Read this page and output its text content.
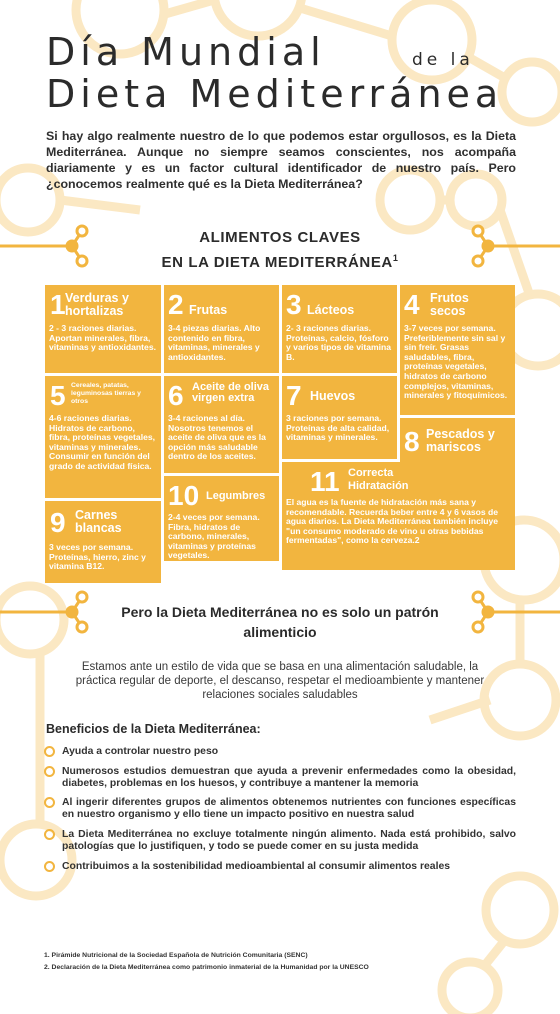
Día Mundial	de la
Dieta Mediterránea

Si hay algo realmente nuestro de lo que podemos estar orgullosos, es la Dieta Mediterránea. Aunque no siempre seamos conscientes, nos acompaña diariamente y es un factor cultural identificador de nuestro país. Pero ¿conocemos realmente qué es la Dieta Mediterránea?

ALIMENTOS CLAVES
EN LA DIETA MEDITERRÁNEA$^1$
1 Verduras y hortalizas
2 - 3 raciones diarias. Aportan minerales, fibra, vitaminas y antioxidantes.
2 Frutas
3-4 piezas diarias. Alto contenido en fibra, vitaminas, minerales y antioxidantes.
3 Lácteos
2- 3 raciones diarias. Proteínas, calcio, fósforo y varios tipos de vitamina B.
4 Frutos secos
3-7 veces por semana. Preferiblemente sin sal y sin freír. Grasas saludables, fibra, proteínas vegetales, hidratos de carbono complejos, vitaminas, minerales y fitoquímicos.
5 Cereales, patatas, leguminosas tierras y otros
4-6 raciones diarias. Hidratos de carbono, fibra, proteínas vegetales, vitaminas y minerales. Consumir en función del grado de actividad física.
6 Aceite de oliva virgen extra
3-4 raciones al día. Nosotros tenemos el aceite de oliva que es la opción más saludable dentro de los aceites.
7 Huevos
3 raciones por semana. Proteínas de alta calidad, vitaminas y minerales. 8 Pescados y mariscos
9 Carnes blancas
3 veces por semana. Proteínas, hierro, zinc y vitamina B12.
10 Legumbres
2-4 veces por semana. Fibra, hidratos de carbono, minerales, vitaminas y proteínas vegetales.
11 Correcta Hidratación
El agua es la fuente de hidratación más sana y recomendable. Recuerda beber entre 4 y 6 vasos de agua diarios. La Dieta Mediterránea también incluye "un consumo moderado de vino u otras bebidas fermentadas", como la cerveza.2
Pero la Dieta Mediterránea no es solo un patrón alimenticio

Estamos ante un estilo de vida que se basa en una alimentación saludable, la práctica regular de deporte, el descanso, respetar el medioambiente y mantener relaciones sociales saludables

Beneficios de la Dieta Mediterránea:
Ayuda a controlar nuestro peso
Numerosos estudios demuestran que ayuda a prevenir enfermedades como la obesidad, diabetes, problemas en los huesos, y contribuye a mantener la memoria
Al ingerir diferentes grupos de alimentos obtenemos nutrientes con funciones específicas en nuestro organismo y ello tiene un impacto positivo en nuestra salud
La Dieta Mediterránea no excluye totalmente ningún alimento. Nada está prohibido, salvo patologías que lo justifiquen, y todo se puede comer en su justa medida
Contribuimos a la sostenibilidad medioambiental al consumir alimentos reales
1. Pirámide Nutricional de la Sociedad Española de Nutrición Comunitaria (SENC)
2. Declaración de la Dieta Mediterránea como patrimonio inmaterial de la Humanidad por la UNESCO
